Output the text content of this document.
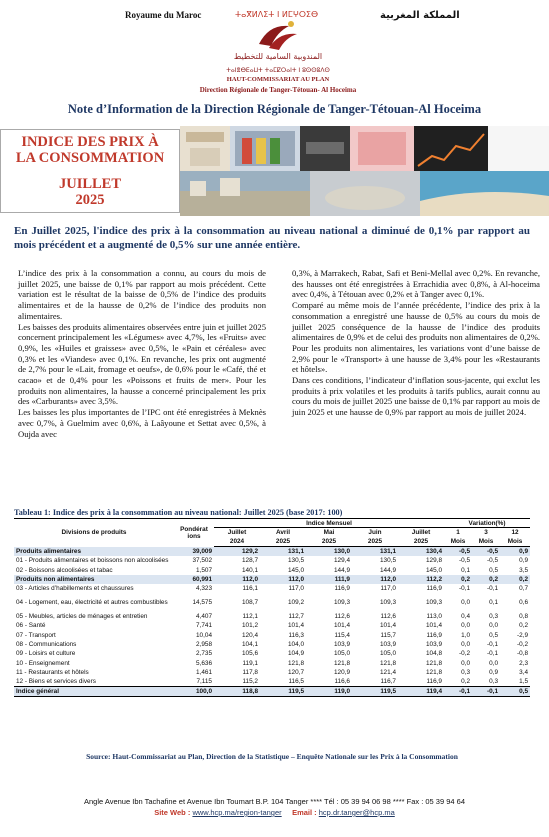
Royaume du Maroc	ⵜⴰⴳⵍⴷⵉⵜ ⵏ ⵍⵎⵖⵔⵉⴱ	المملكة المغربية
المندوبية السامية للتخطيط
ⵜⴰⵏⴻⴱⴹⴰⵡⵜ ⵜⴰⵎⵇⵔⴰⵏⵜ ⵏ ⵓⵙⵙⵓⴷⵙ
HAUT-COMMISSARIAT AU PLAN
Direction Régionale de Tanger-Tétouan- Al Hoceima
Note d’Information de la Direction Régionale de Tanger-Tétouan-Al Hoceima
INDICE DES PRIX À
LA CONSOMMATION
JUILLET
2025
En Juillet 2025, l'indice des prix à la consommation au niveau national a diminué de 0,1% par rapport au mois précédent et a augmenté de 0,5% sur une année entière.

L’indice des prix à la consommation a connu, au cours du mois de juillet 2025, une baisse de 0,1% par rapport au mois précédent. Cette variation est le résultat de la baisse de 0,5% de l’indice des produits alimentaires et de la hausse de 0,2% de l’indice des produits non alimentaires.

Les baisses des produits alimentaires observées entre juin et juillet 2025 concernent principalement les «Légumes» avec 4,7%, les «Fruits» avec 0,9%, les «Huiles et graisses» avec 0,5%, le «Pain et céréales» avec 0,3% et les «Viandes» avec 0,1%. En revanche, les prix ont augmenté de 2,7% pour le «Lait, fromage et oeufs», de 0,6% pour le «Café, thé et cacao» et de 0,4% pour les «Poissons et fruits de mer». Pour les produits non alimentaires, la hausse a concerné principalement les prix des «Carburants» avec 3,5%.

Les baisses les plus importantes de l’IPC ont été enregistrées à Meknès avec 0,7%, à Guelmim avec 0,6%, à Laâyoune et Settat avec 0,5%, à Oujda avec

0,3%, à Marrakech, Rabat, Safi et Beni-Mellal avec 0,2%. En revanche, des hausses ont été enregistrées à Errachidia avec 0,8%, à Al-hoceima avec 0,4%, à Tétouan avec 0,2% et à Tanger avec 0,1%.

Comparé au même mois de l’année précédente, l’indice des prix à la consommation a enregistré une hausse de 0,5% au cours du mois de juillet 2025 conséquence de la hausse de l’indice des produits alimentaires de 0,9% et de celui des produits non alimentaires de 0,2%. Pour les produits non alimentaires, les variations vont d’une baisse de 2,9% pour le «Transport» à une hausse de 3,4% pour les «Restaurants et hôtels».

Dans ces conditions, l’indicateur d’inflation sous-jacente, qui exclut les produits à prix volatiles et les produits à tarifs publics, aurait connu au cours du mois de juillet 2025 une baisse de 0,1% par rapport au mois de juin 2025 et une hausse de 0,9% par rapport au mois de juillet 2024.

Tableau 1: Indice des prix à la consommation au niveau national: Juillet 2025 (base 2017: 100)
Divisions de produits	Pondérat ions	Indice Mensuel					Variation(%)		
		Juillet	Avril	Mai	Juin	Juillet	1	3	12
		2024	2025	2025	2025	2025	Mois	Mois	Mois
Produits alimentaires	39,009	129,2	131,1	130,0	131,1	130,4	-0,5	-0,5	0,9
01 - Produits alimentaires et boissons non alcoolisées	37,502	128,7	130,5	129,4	130,5	129,8	-0,5	-0,5	0,9
02 - Boissons alcoolisées et tabac	1,507	140,1	145,0	144,9	144,9	145,0	0,1	0,5	3,5
Produits non alimentaires	60,991	112,0	112,0	111,9	112,0	112,2	0,2	0,2	0,2
03 - Articles d’habillements et chaussures	4,323	116,1	117,0	116,9	117,0	116,9	-0,1	-0,1	0,7
04 - Logement, eau, électricité et autres combustibles	14,575	108,7	109,2	109,3	109,3	109,3	0,0	0,1	0,6
05 - Meubles, articles de ménages et entretien	4,407	112,1	112,7	112,6	112,6	113,0	0,4	0,3	0,8
06 - Santé	7,741	101,2	101,4	101,4	101,4	101,4	0,0	0,0	0,2
07 - Transport	10,04	120,4	116,3	115,4	115,7	116,9	1,0	0,5	-2,9
08 - Communications	2,958	104,1	104,0	103,9	103,9	103,9	0,0	-0,1	-0,2
09 - Loisirs et culture	2,735	105,6	104,9	105,0	105,0	104,8	-0,2	-0,1	-0,8
10 - Enseignement	5,636	119,1	121,8	121,8	121,8	121,8	0,0	0,0	2,3
11 - Restaurants et hôtels	1,461	117,8	120,7	120,9	121,4	121,8	0,3	0,9	3,4
12 - Biens et services divers	7,115	115,2	116,5	116,6	116,7	116,9	0,2	0,3	1,5
Indice général	100,0	118,8	119,5	119,0	119,5	119,4	-0,1	-0,1	0,5
Source: Haut-Commissariat au Plan, Direction de la Statistique – Enquête Nationale sur les Prix à la Consommation
Angle Avenue Ibn Tachafine et Avenue Ibn Toumart B.P. 104 Tanger **** Tél : 05 39 94 06 98 **** Fax : 05 39 94 64
Site Web : www.hcp.ma/region-tanger Email : hcp.dr.tanger@hcp.ma
